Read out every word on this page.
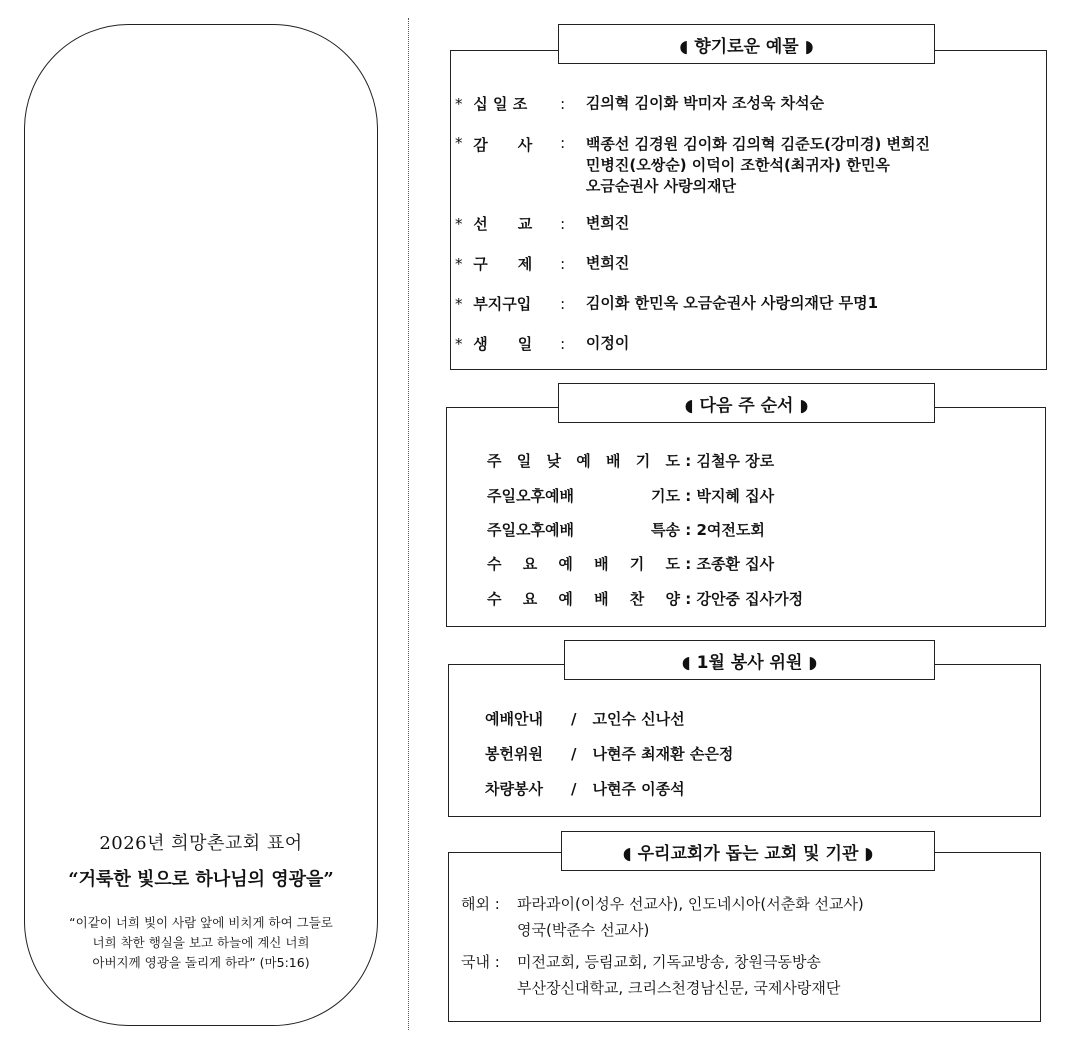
2026년 희망촌교회 표어
“거룩한 빛으로 하나님의 영광을”
“이같이 너희 빛이 사람 앞에 비치게 하여 그들로
너희 착한 행실을 보고 하늘에 계신 너희
아버지께 영광을 돌리게 하라” (마5:16)
◖ 향기로운 예물 ◗
* 십 일 조 : 김의혁 김이화 박미자 조성욱 차석순
* 감　　사 : 백종선 김경원 김이화 김의혁 김준도(강미경) 변희진
민병진(오쌍순) 이덕이 조한석(최귀자) 한민옥
오금순권사 사랑의재단
* 선　　교 : 변희진
* 구　　제 : 변희진
* 부지구입 : 김이화 한민옥 오금순권사 사랑의재단 무명1
* 생　　일 : 이정이
◖ 다음 주 순서 ◗
주 일 낮 예 배 기 도 : 김철우 장로
주일오후예배 기도 : 박지혜 집사
주일오후예배 특송 : 2여전도회
수 요 예 배 기 도 : 조종환 집사
수 요 예 배 찬 양 : 강안중 집사가정
◖ 1월 봉사 위원 ◗
예배안내 / 고인수 신나선
봉헌위원 / 나현주 최재환 손은정
차량봉사 / 나현주 이종석
◖ 우리교회가 돕는 교회 및 기관 ◗
해외 : 파라과이(이성우 선교사), 인도네시아(서춘화 선교사)
영국(박준수 선교사)
국내 : 미전교회, 등림교회, 기독교방송, 창원극동방송
부산장신대학교, 크리스천경남신문, 국제사랑재단
